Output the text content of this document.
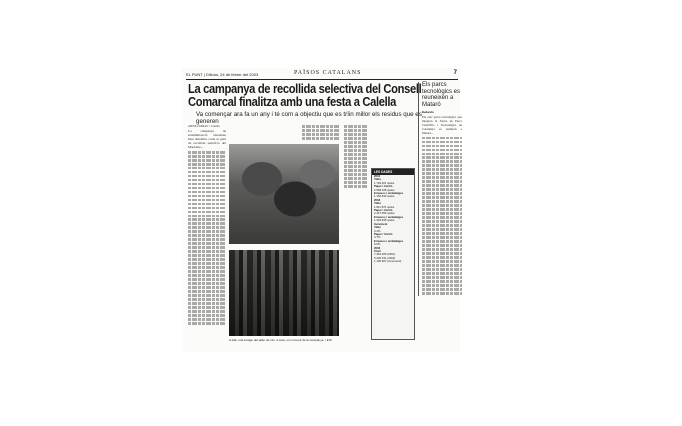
EL PUNT | Dilluns, 24 de febrer del 2003	PAÏSOS CATALANS	7
La campanya de recollida selectiva del Consell Comarcal finalitza amb una festa a Calella
Va començar ara fa un any i té com a objectiu que es trïin millor els residus que es generen
ANNA COMAS > Calella
La campanya de sensibilització ciutadana Deu deixalles costa la gent de recollida selectiva del Maresme...
A dalt, una imatge del taller de circ. A sota, un moment de la campanya. / E.B.
LES DADES
2001
Vidre
1.794.115 quilos
Paper i Cartró
2.568.108 quilos
Envasos i embalatges
1.152.540 quilos
2002
Vidre
1.811.570 quilos
Paper i Cartró
2.447.056 quilos
Envasos i embalatges
1.318.945 quilos
Increment
Vidre
3.4%
Paper / Cartró
4.7%
Envasos i embalatges
6.6%
2003
Total
7.362.305 (2001)
5.236.331 (2002)
1.130.967 (increment)
Els parcs tecnològics es reuneixen a Mataró
Redacció
Els cinc parcs tecnològics que integren la Xarxa de Parcs Científics i Tecnològics de Catalunya es reuniran a Mataró...
